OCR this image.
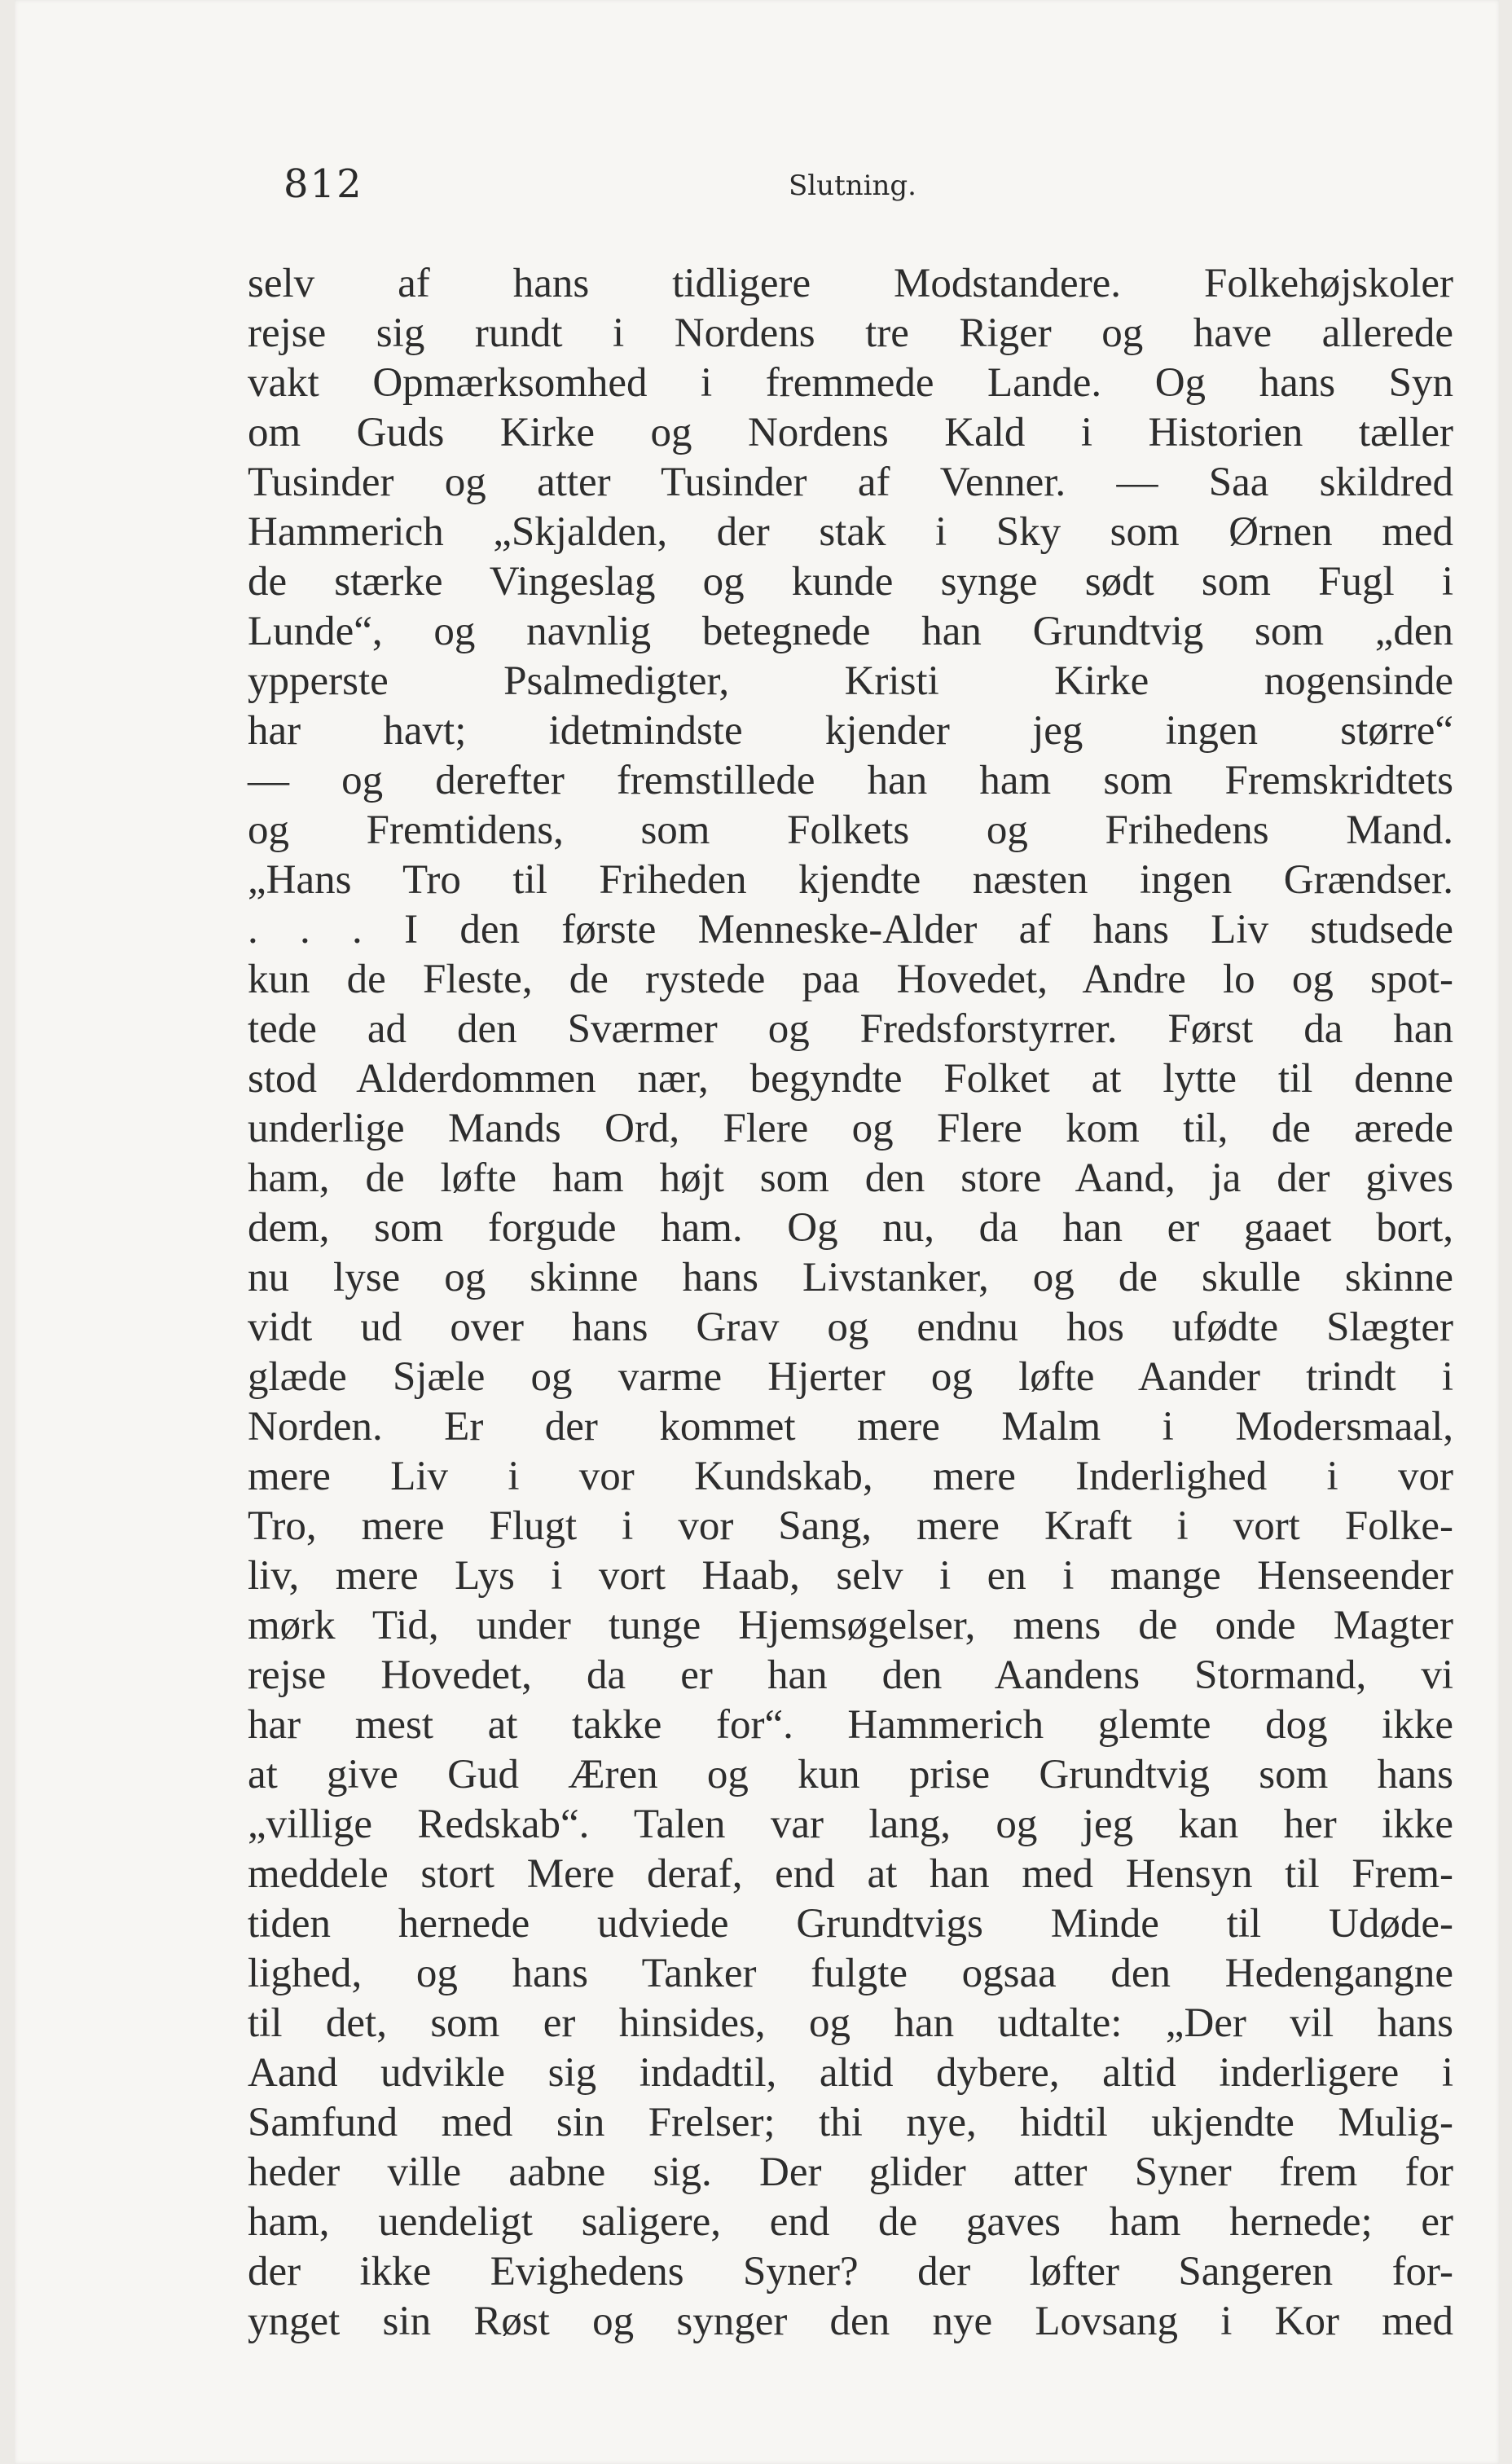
812	Slutning.
selv af hans tidligere Modstandere. Folkehøjskoler
rejse sig rundt i Nordens tre Riger og have allerede
vakt Opmærksomhed i fremmede Lande. Og hans Syn
om Guds Kirke og Nordens Kald i Historien tæller
Tusinder og atter Tusinder af Venner. — Saa skildred
Hammerich „Skjalden, der stak i Sky som Ørnen med
de stærke Vingeslag og kunde synge sødt som Fugl i
Lunde“, og navnlig betegnede han Grundtvig som „den
ypperste Psalmedigter, Kristi Kirke nogensinde
har havt; idetmindste kjender jeg ingen større“
— og derefter fremstillede han ham som Fremskridtets
og Fremtidens, som Folkets og Frihedens Mand.
„Hans Tro til Friheden kjendte næsten ingen Grændser.
. . . I den første Menneske-Alder af hans Liv studsede
kun de Fleste, de rystede paa Hovedet, Andre lo og spot-
tede ad den Sværmer og Fredsforstyrrer. Først da han
stod Alderdommen nær, begyndte Folket at lytte til denne
underlige Mands Ord, Flere og Flere kom til, de ærede
ham, de løfte ham højt som den store Aand, ja der gives
dem, som forgude ham. Og nu, da han er gaaet bort,
nu lyse og skinne hans Livstanker, og de skulle skinne
vidt ud over hans Grav og endnu hos ufødte Slægter
glæde Sjæle og varme Hjerter og løfte Aander trindt i
Norden. Er der kommet mere Malm i Modersmaal,
mere Liv i vor Kundskab, mere Inderlighed i vor
Tro, mere Flugt i vor Sang, mere Kraft i vort Folke-
liv, mere Lys i vort Haab, selv i en i mange Henseender
mørk Tid, under tunge Hjemsøgelser, mens de onde Magter
rejse Hovedet, da er han den Aandens Stormand, vi
har mest at takke for“. Hammerich glemte dog ikke
at give Gud Æren og kun prise Grundtvig som hans
„villige Redskab“. Talen var lang, og jeg kan her ikke
meddele stort Mere deraf, end at han med Hensyn til Frem-
tiden hernede udviede Grundtvigs Minde til Udøde-
lighed, og hans Tanker fulgte ogsaa den Hedengangne
til det, som er hinsides, og han udtalte: „Der vil hans
Aand udvikle sig indadtil, altid dybere, altid inderligere i
Samfund med sin Frelser; thi nye, hidtil ukjendte Mulig-
heder ville aabne sig. Der glider atter Syner frem for
ham, uendeligt saligere, end de gaves ham hernede; er
der ikke Evighedens Syner? der løfter Sangeren for-
ynget sin Røst og synger den nye Lovsang i Kor med
